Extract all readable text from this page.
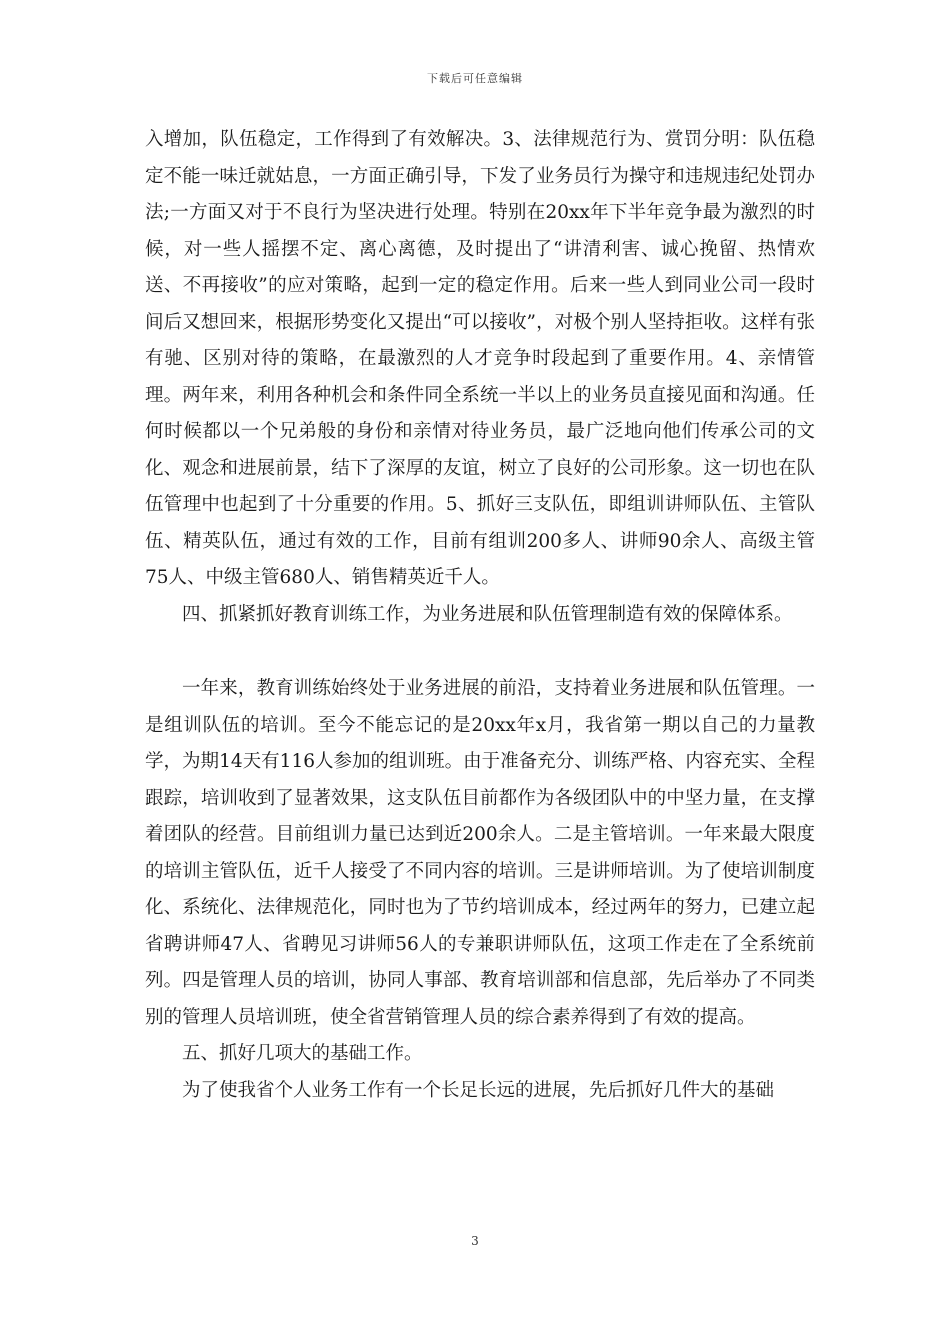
下载后可任意编辑

入增加，队伍稳定，工作得到了有效解决。3、法律规范行为、赏罚分明：队伍稳定不能一味迁就姑息，一方面正确引导，下发了业务员行为操守和违规违纪处罚办法;一方面又对于不良行为坚决进行处理。特别在20xx年下半年竞争最为激烈的时候，对一些人摇摆不定、离心离德，及时提出了“讲清利害、诚心挽留、热情欢送、不再接收”的应对策略，起到一定的稳定作用。后来一些人到同业公司一段时间后又想回来，根据形势变化又提出“可以接收”，对极个别人坚持拒收。这样有张有驰、区别对待的策略，在最激烈的人才竞争时段起到了重要作用。4、亲情管理。两年来，利用各种机会和条件同全系统一半以上的业务员直接见面和沟通。任何时候都以一个兄弟般的身份和亲情对待业务员，最广泛地向他们传承公司的文化、观念和进展前景，结下了深厚的友谊，树立了良好的公司形象。这一切也在队伍管理中也起到了十分重要的作用。5、抓好三支队伍，即组训讲师队伍、主管队伍、精英队伍，通过有效的工作，目前有组训200多人、讲师90余人、高级主管75人、中级主管680人、销售精英近千人。

四、抓紧抓好教育训练工作，为业务进展和队伍管理制造有效的保障体系。

一年来，教育训练始终处于业务进展的前沿，支持着业务进展和队伍管理。一是组训队伍的培训。至今不能忘记的是20xx年x月，我省第一期以自己的力量教学，为期14天有116人参加的组训班。由于准备充分、训练严格、内容充实、全程跟踪，培训收到了显著效果，这支队伍目前都作为各级团队中的中坚力量，在支撑着团队的经营。目前组训力量已达到近200余人。二是主管培训。一年来最大限度的培训主管队伍，近千人接受了不同内容的培训。三是讲师培训。为了使培训制度化、系统化、法律规范化，同时也为了节约培训成本，经过两年的努力，已建立起省聘讲师47人、省聘见习讲师56人的专兼职讲师队伍，这项工作走在了全系统前列。四是管理人员的培训，协同人事部、教育培训部和信息部，先后举办了不同类别的管理人员培训班，使全省营销管理人员的综合素养得到了有效的提高。

五、抓好几项大的基础工作。

为了使我省个人业务工作有一个长足长远的进展，先后抓好几件大的基础

3
